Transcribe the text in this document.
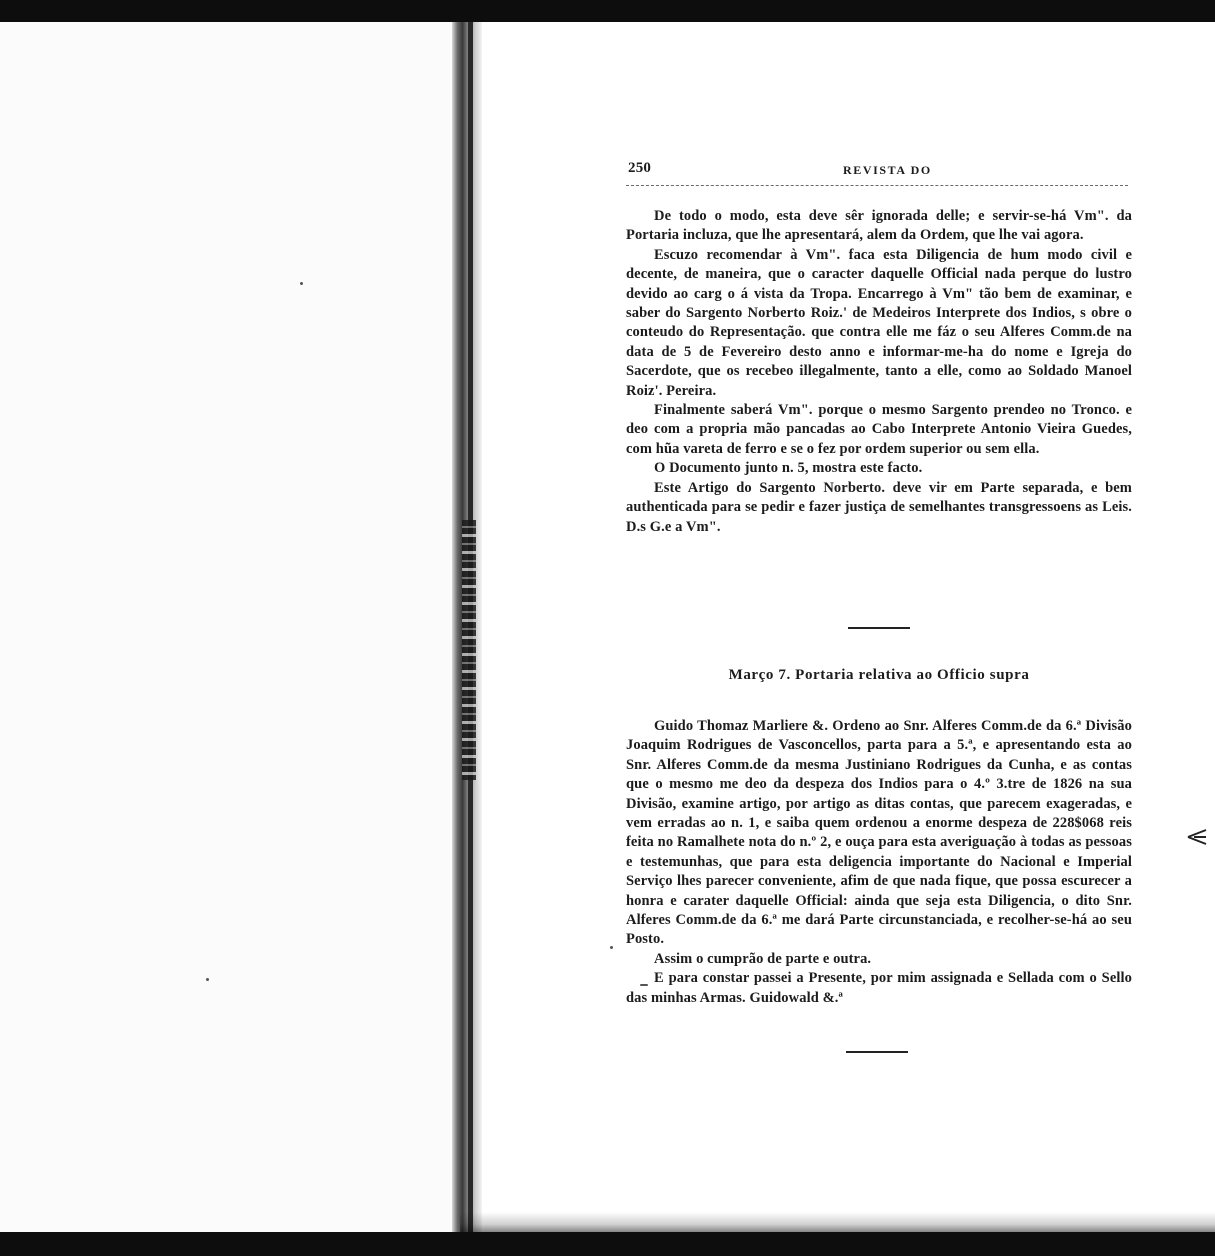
250	REVISTA DO

De todo o modo, esta deve sêr ignorada delle; e servir-se-há Vm". da Portaria incluza, que lhe apresentará, alem da Ordem, que lhe vai agora.

Escuzo recomendar à Vm". faca esta Diligencia de hum modo civil e decente, de maneira, que o caracter daquelle Official nada perque do lustro devido ao carg o á vista da Tropa. Encarrego à Vm" tão bem de examinar, e saber do Sargento Norberto Roiz.' de Medeiros Interprete dos Indios, s obre o conteudo do Representação. que contra elle me fáz o seu Alferes Comm.de na data de 5 de Fevereiro desto anno e informar-me-ha do nome e Igreja do Sacerdote, que os recebeo illegalmente, tanto a elle, como ao Soldado Manoel Roiz'. Pereira.

Finalmente saberá Vm". porque o mesmo Sargento prendeo no Tronco. e deo com a propria mão pancadas ao Cabo Interprete Antonio Vieira Guedes, com hũa vareta de ferro e se o fez por ordem superior ou sem ella.

O Documento junto n. 5, mostra este facto.

Este Artigo do Sargento Norberto. deve vir em Parte separada, e bem authenticada para se pedir e fazer justiça de semelhantes transgressoens as Leis. D.s G.e a Vm".

Março 7. Portaria relativa ao Officio supra

Guido Thomaz Marliere &. Ordeno ao Snr. Alferes Comm.de da 6.ª Divisão Joaquim Rodrigues de Vasconcellos, parta para a 5.ª, e apresentando esta ao Snr. Alferes Comm.de da mesma Justiniano Rodrigues da Cunha, e as contas que o mesmo me deo da despeza dos Indios para o 4.º 3.tre de 1826 na sua Divisão, examine artigo, por artigo as ditas contas, que parecem exageradas, e vem erradas ao n. 1, e saiba quem ordenou a enorme despeza de 228$068 reis feita no Ramalhete nota do n.º 2, e ouça para esta averiguação à todas as pessoas e testemunhas, que para esta deligencia importante do Nacional e Imperial Serviço lhes parecer conveniente, afim de que nada fique, que possa escurecer a honra e carater daquelle Official: ainda que seja esta Diligencia, o dito Snr. Alferes Comm.de da 6.ª me dará Parte circunstanciada, e recolher-se-há ao seu Posto.

Assim o cumprão de parte e outra.

E para constar passei a Presente, por mim assignada e Sellada com o Sello das minhas Armas. Guidowald &.ª
